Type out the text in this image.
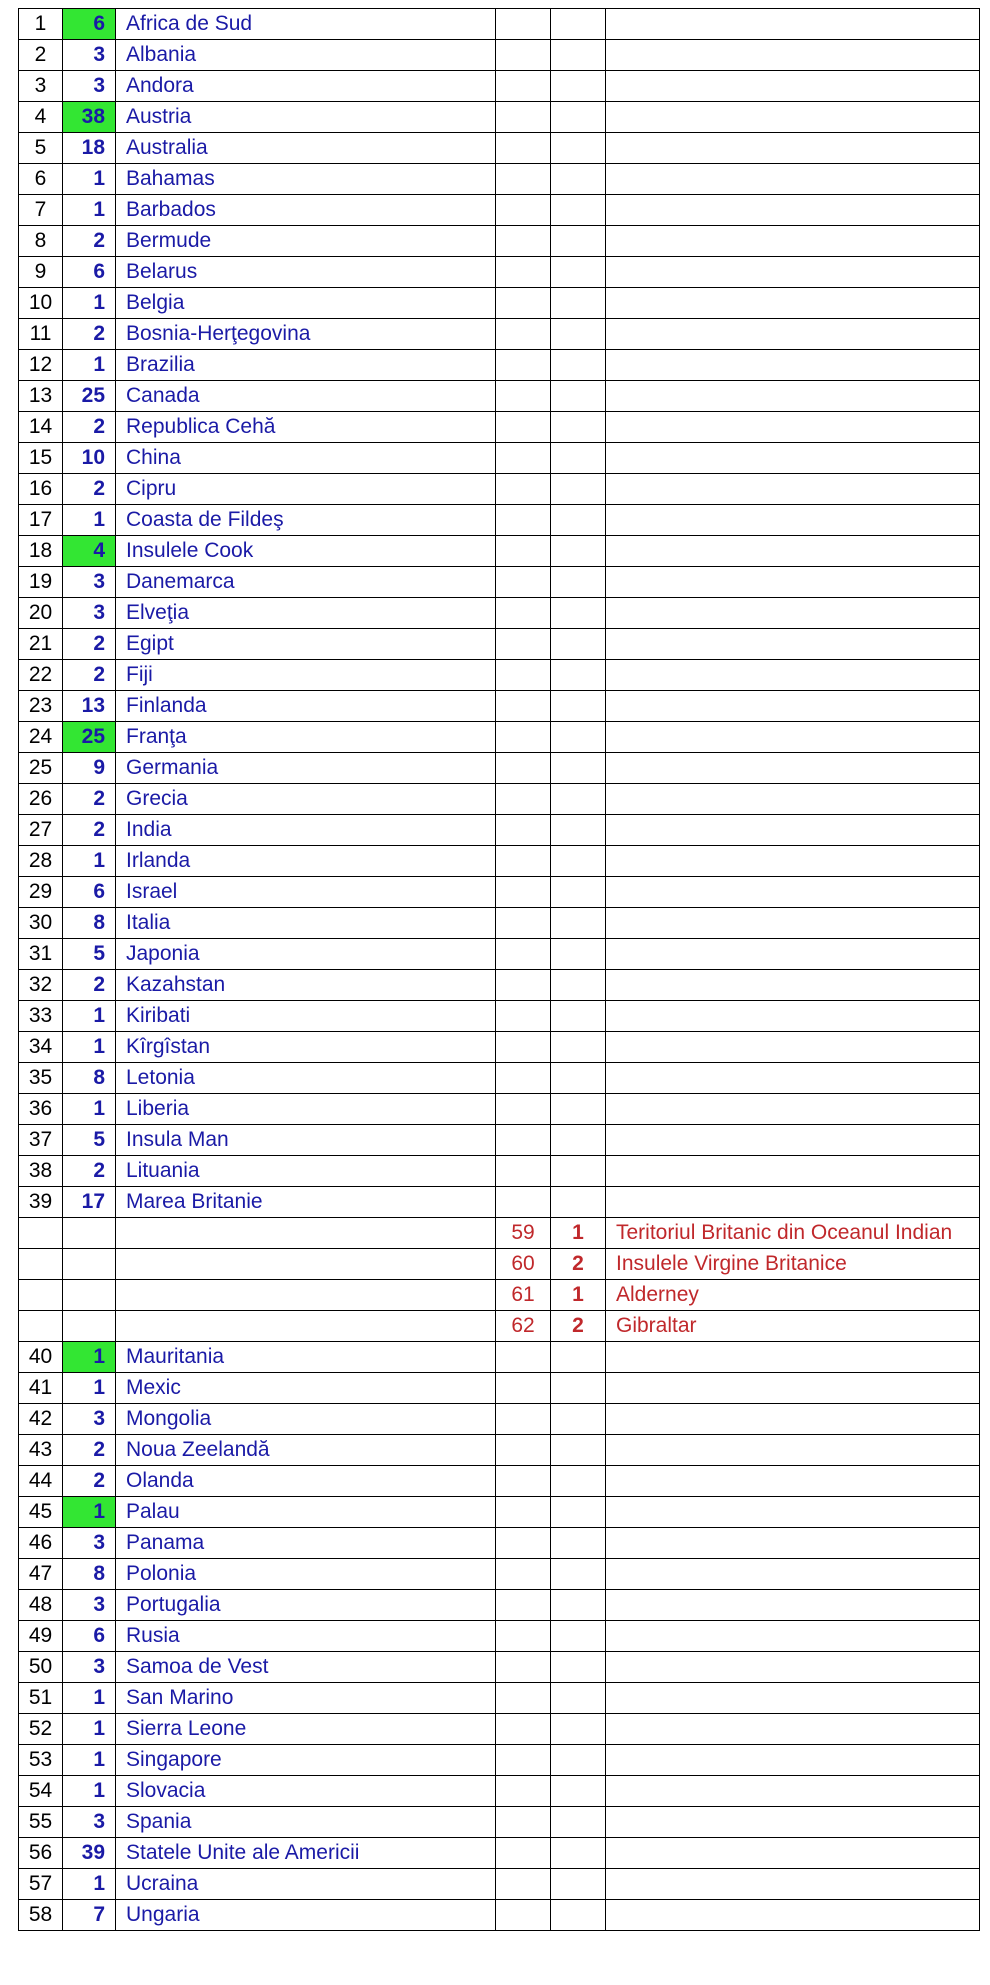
1	6	Africa de Sud			
2	3	Albania			
3	3	Andora			
4	38	Austria			
5	18	Australia			
6	1	Bahamas			
7	1	Barbados			
8	2	Bermude			
9	6	Belarus			
10	1	Belgia			
11	2	Bosnia-Herţegovina			
12	1	Brazilia			
13	25	Canada			
14	2	Republica Cehă			
15	10	China			
16	2	Cipru			
17	1	Coasta de Fildeş			
18	4	Insulele Cook			
19	3	Danemarca			
20	3	Elveţia			
21	2	Egipt			
22	2	Fiji			
23	13	Finlanda			
24	25	Franţa			
25	9	Germania			
26	2	Grecia			
27	2	India			
28	1	Irlanda			
29	6	Israel			
30	8	Italia			
31	5	Japonia			
32	2	Kazahstan			
33	1	Kiribati			
34	1	Kîrgîstan			
35	8	Letonia			
36	1	Liberia			
37	5	Insula Man			
38	2	Lituania			
39	17	Marea Britanie			
			59	1	Teritoriul Britanic din Oceanul Indian
			60	2	Insulele Virgine Britanice
			61	1	Alderney
			62	2	Gibraltar
40	1	Mauritania			
41	1	Mexic			
42	3	Mongolia			
43	2	Noua Zeelandă			
44	2	Olanda			
45	1	Palau			
46	3	Panama			
47	8	Polonia			
48	3	Portugalia			
49	6	Rusia			
50	3	Samoa de Vest			
51	1	San Marino			
52	1	Sierra Leone			
53	1	Singapore			
54	1	Slovacia			
55	3	Spania			
56	39	Statele Unite ale Americii			
57	1	Ucraina			
58	7	Ungaria			
